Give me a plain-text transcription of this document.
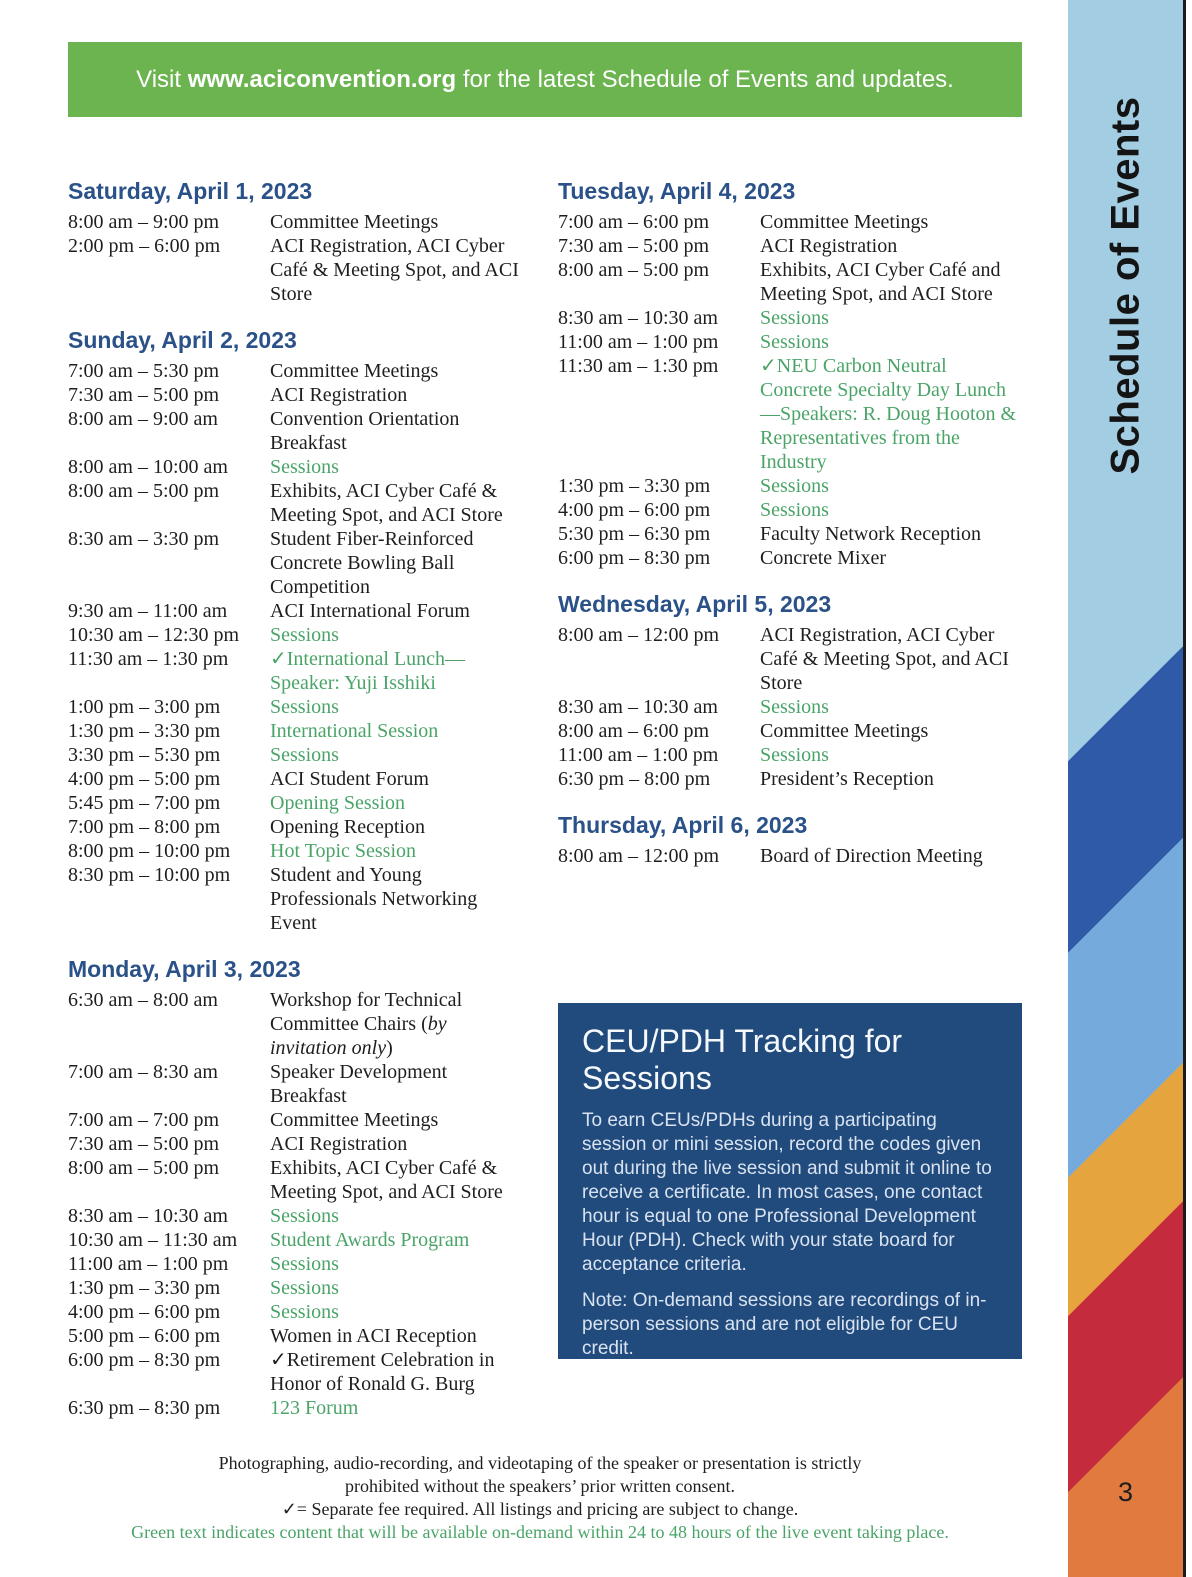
Visit www.aciconvention.org for the latest Schedule of Events and updates.
Saturday, April 1, 2023
8:00 am – 9:00 pm	Committee Meetings
2:00 pm – 6:00 pm	ACI Registration, ACI Cyber Café & Meeting Spot, and ACI Store
Sunday, April 2, 2023
7:00 am – 5:30 pm	Committee Meetings
7:30 am – 5:00 pm	ACI Registration
8:00 am – 9:00 am	Convention Orientation Breakfast
8:00 am – 10:00 am	Sessions
8:00 am – 5:00 pm	Exhibits, ACI Cyber Café & Meeting Spot, and ACI Store
8:30 am – 3:30 pm	Student Fiber-Reinforced Concrete Bowling Ball Competition
9:30 am – 11:00 am	ACI International Forum
10:30 am – 12:30 pm	Sessions
11:30 am – 1:30 pm	✓International Lunch—Speaker: Yuji Isshiki
1:00 pm – 3:00 pm	Sessions
1:30 pm – 3:30 pm	International Session
3:30 pm – 5:30 pm	Sessions
4:00 pm – 5:00 pm	ACI Student Forum
5:45 pm – 7:00 pm	Opening Session
7:00 pm – 8:00 pm	Opening Reception
8:00 pm – 10:00 pm	Hot Topic Session
8:30 pm – 10:00 pm	Student and Young Professionals Networking Event
Monday, April 3, 2023
6:30 am – 8:00 am	Workshop for Technical Committee Chairs (by invitation only)
7:00 am – 8:30 am	Speaker Development Breakfast
7:00 am – 7:00 pm	Committee Meetings
7:30 am – 5:00 pm	ACI Registration
8:00 am – 5:00 pm	Exhibits, ACI Cyber Café & Meeting Spot, and ACI Store
8:30 am – 10:30 am	Sessions
10:30 am – 11:30 am	Student Awards Program
11:00 am – 1:00 pm	Sessions
1:30 pm – 3:30 pm	Sessions
4:00 pm – 6:00 pm	Sessions
5:00 pm – 6:00 pm	Women in ACI Reception
6:00 pm – 8:30 pm	✓Retirement Celebration in Honor of Ronald G. Burg
6:30 pm – 8:30 pm	123 Forum
Tuesday, April 4, 2023
7:00 am – 6:00 pm	Committee Meetings
7:30 am – 5:00 pm	ACI Registration
8:00 am – 5:00 pm	Exhibits, ACI Cyber Café and Meeting Spot, and ACI Store
8:30 am – 10:30 am	Sessions
11:00 am – 1:00 pm	Sessions
11:30 am – 1:30 pm	✓NEU Carbon Neutral Concrete Specialty Day Lunch—Speakers: R. Doug Hooton & Representatives from the Industry
1:30 pm – 3:30 pm	Sessions
4:00 pm – 6:00 pm	Sessions
5:30 pm – 6:30 pm	Faculty Network Reception
6:00 pm – 8:30 pm	Concrete Mixer
Wednesday, April 5, 2023
8:00 am – 12:00 pm	ACI Registration, ACI Cyber Café & Meeting Spot, and ACI Store
8:30 am – 10:30 am	Sessions
8:00 am – 6:00 pm	Committee Meetings
11:00 am – 1:00 pm	Sessions
6:30 pm – 8:00 pm	President’s Reception
Thursday, April 6, 2023
8:00 am – 12:00 pm	Board of Direction Meeting
CEU/PDH Tracking for Sessions

To earn CEUs/PDHs during a participating session or mini session, record the codes given out during the live session and submit it online to receive a certificate. In most cases, one contact hour is equal to one Professional Development Hour (PDH). Check with your state board for acceptance criteria.

Note: On-demand sessions are recordings of in-person sessions and are not eligible for CEU credit.

Photographing, audio-recording, and videotaping of the speaker or presentation is strictly
prohibited without the speakers’ prior written consent.
✓= Separate fee required. All listings and pricing are subject to change.
Green text indicates content that will be available on-demand within 24 to 48 hours of the live event taking place.
Schedule of Events
3
